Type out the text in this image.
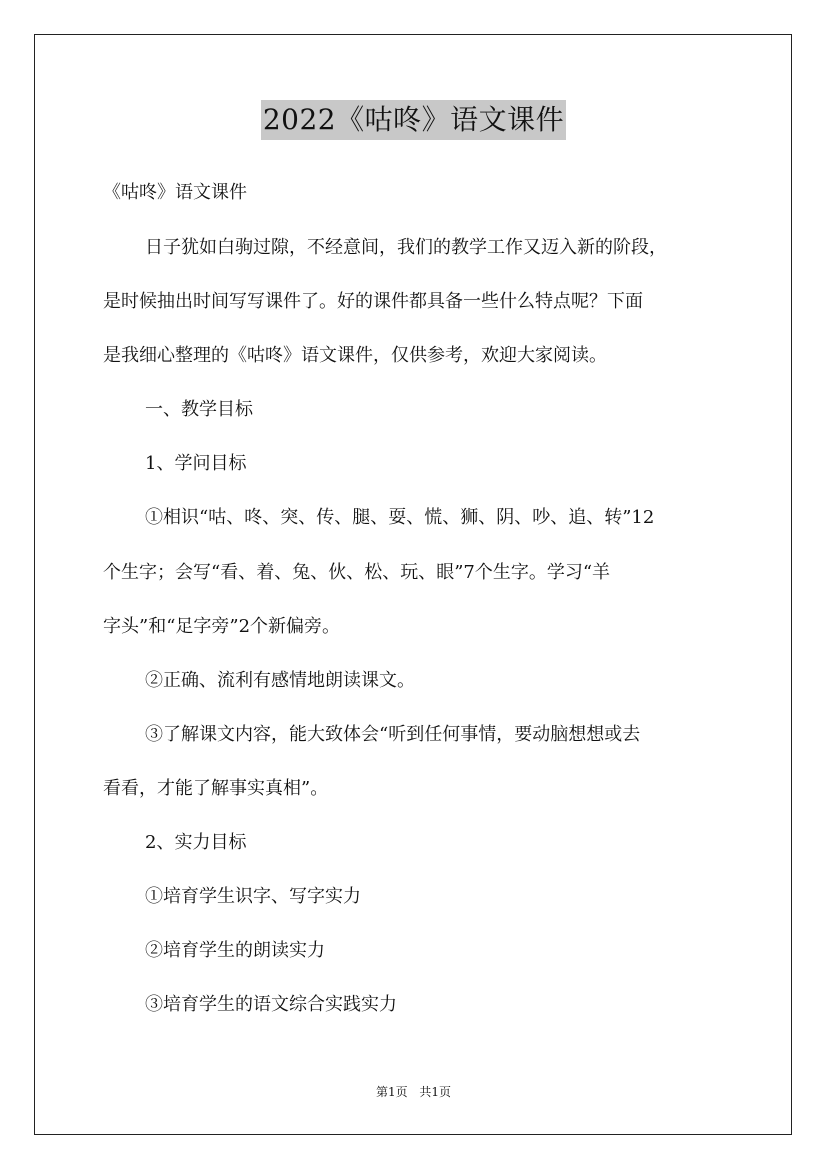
2022《咕咚》语文课件
《咕咚》语文课件
日子犹如白驹过隙，不经意间，我们的教学工作又迈入新的阶段，
是时候抽出时间写写课件了。好的课件都具备一些什么特点呢？下面
是我细心整理的《咕咚》语文课件，仅供参考，欢迎大家阅读。
一、教学目标
1、学问目标
①相识“咕、咚、突、传、腿、耍、慌、狮、阴、吵、追、转”12
个生字；会写“看、着、兔、伙、松、玩、眼”7个生字。学习“羊
字头”和“足字旁”2个新偏旁。
②正确、流利有感情地朗读课文。
③了解课文内容，能大致体会“听到任何事情，要动脑想想或去
看看，才能了解事实真相”。
2、实力目标
①培育学生识字、写字实力
②培育学生的朗读实力
③培育学生的语文综合实践实力
第1页 共1页
